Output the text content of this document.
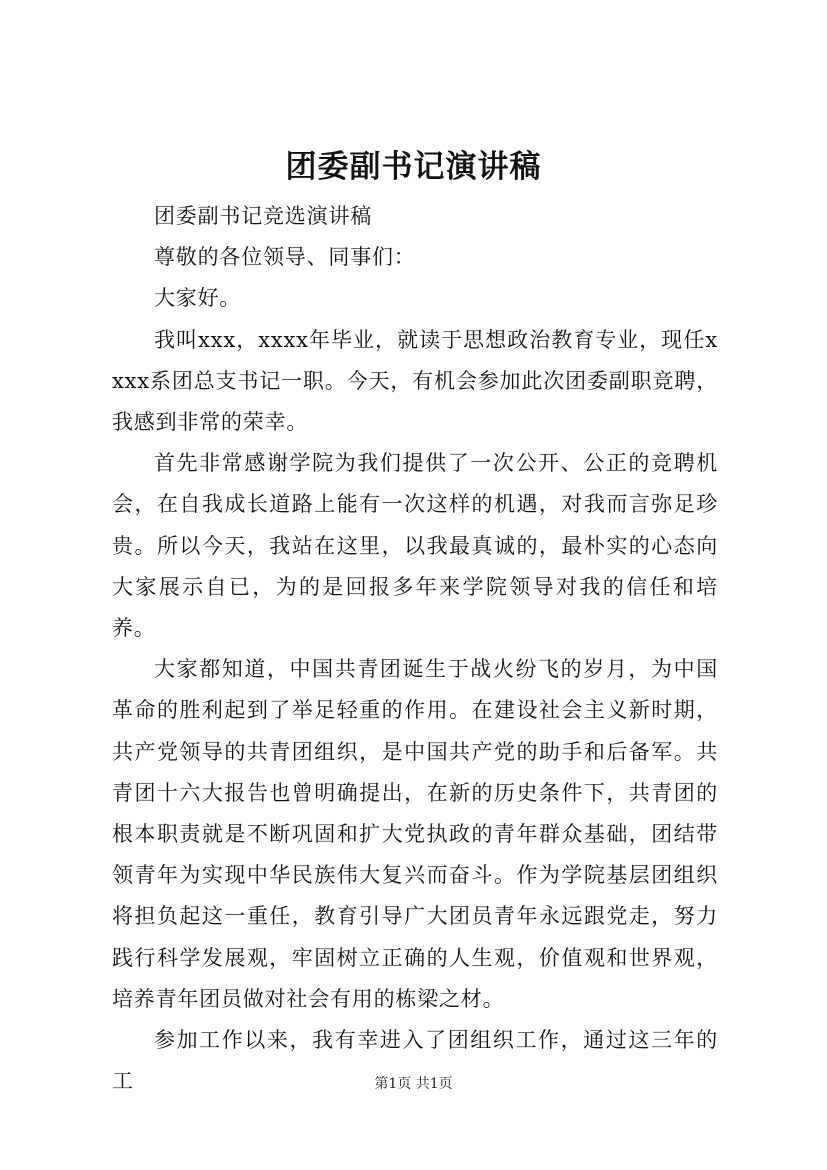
团委副书记演讲稿

团委副书记竞选演讲稿

尊敬的各位领导、同事们：

大家好。

我叫xxx，xxxx年毕业，就读于思想政治教育专业，现任xxxx系团总支书记一职。今天，有机会参加此次团委副职竞聘，我感到非常的荣幸。

首先非常感谢学院为我们提供了一次公开、公正的竞聘机会，在自我成长道路上能有一次这样的机遇，对我而言弥足珍贵。所以今天，我站在这里，以我最真诚的，最朴实的心态向大家展示自已，为的是回报多年来学院领导对我的信任和培养。

大家都知道，中国共青团诞生于战火纷飞的岁月，为中国革命的胜利起到了举足轻重的作用。在建设社会主义新时期，共产党领导的共青团组织，是中国共产党的助手和后备军。共青团十六大报告也曾明确提出，在新的历史条件下，共青团的根本职责就是不断巩固和扩大党执政的青年群众基础，团结带领青年为实现中华民族伟大复兴而奋斗。作为学院基层团组织将担负起这一重任，教育引导广大团员青年永远跟党走，努力践行科学发展观，牢固树立正确的人生观，价值观和世界观，培养青年团员做对社会有用的栋梁之材。

参加工作以来，我有幸进入了团组织工作，通过这三年的工	第1页 共1页
